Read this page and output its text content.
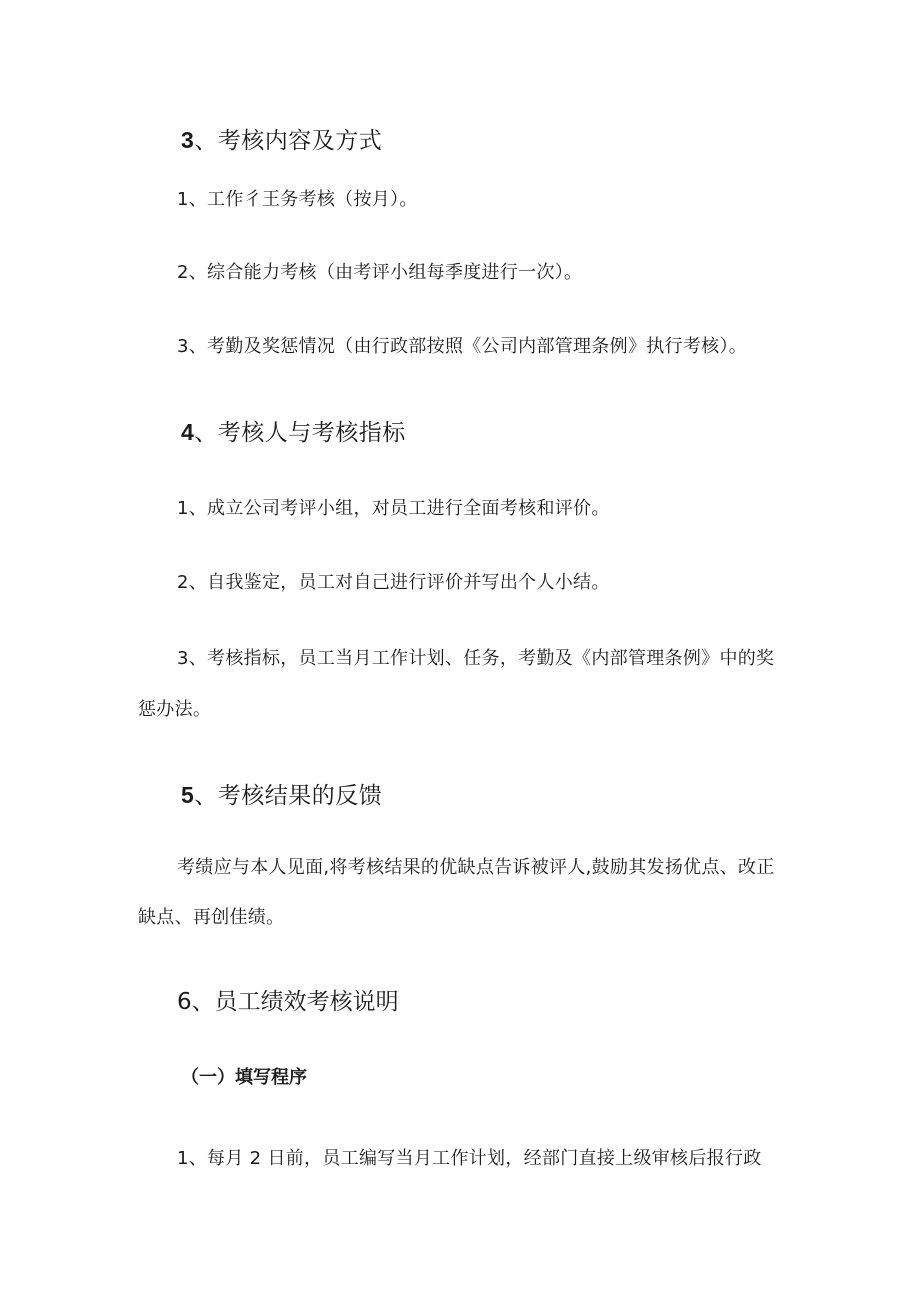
3、考核内容及方式
1、工作彳王务考核（按月）。
2、综合能力考核（由考评小组每季度进行一次）。
3、考勤及奖惩情况（由行政部按照《公司内部管理条例》执行考核）。
4、考核人与考核指标
1、成立公司考评小组，对员工进行全面考核和评价。
2、自我鉴定，员工对自己进行评价并写出个人小结。
3、考核指标，员工当月工作计划、任务，考勤及《内部管理条例》中的奖
惩办法。
5、考核结果的反馈
考绩应与本人见面,将考核结果的优缺点告诉被评人,鼓励其发扬优点、改正
缺点、再创佳绩。
6、员工绩效考核说明
（一）填写程序
1、每月 2 日前，员工编写当月工作计划，经部门直接上级审核后报行政
